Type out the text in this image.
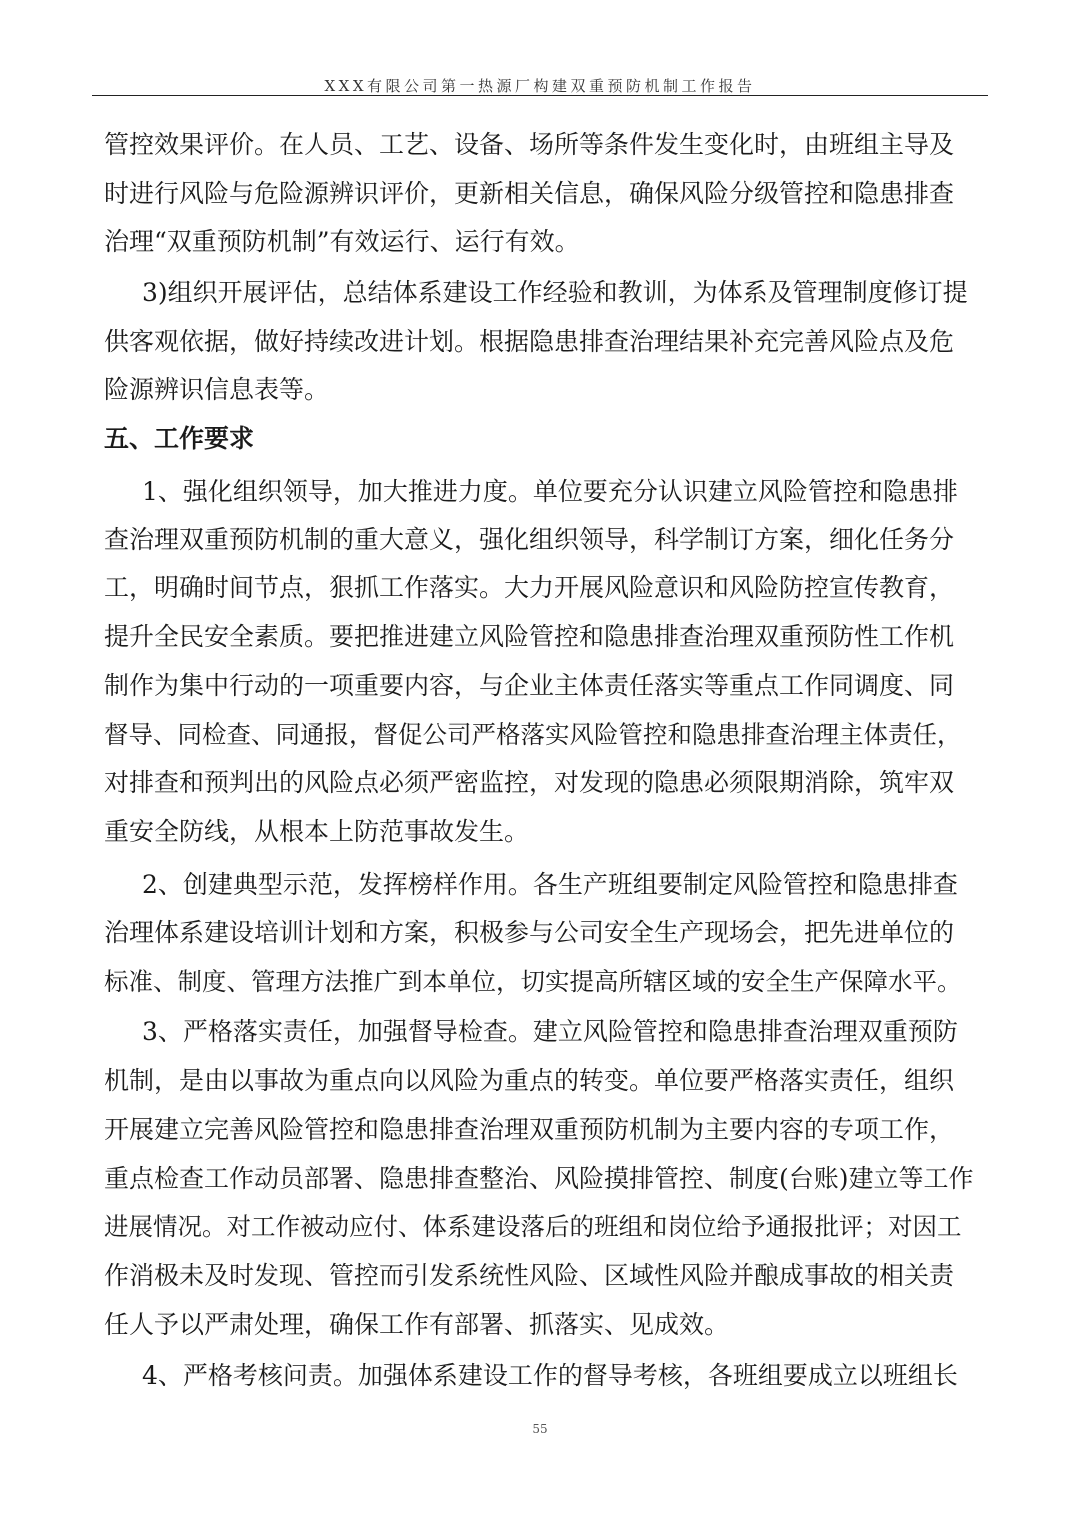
XXX有限公司第一热源厂构建双重预防机制工作报告
管控效果评价。在人员、工艺、设备、场所等条件发生变化时，由班组主导及
时进行风险与危险源辨识评价，更新相关信息，确保风险分级管控和隐患排查
治理“双重预防机制”有效运行、运行有效。
3)组织开展评估，总结体系建设工作经验和教训，为体系及管理制度修订提
供客观依据，做好持续改进计划。根据隐患排查治理结果补充完善风险点及危
险源辨识信息表等。
五、工作要求
1、强化组织领导，加大推进力度。单位要充分认识建立风险管控和隐患排
查治理双重预防机制的重大意义，强化组织领导，科学制订方案，细化任务分
工，明确时间节点，狠抓工作落实。大力开展风险意识和风险防控宣传教育，
提升全民安全素质。要把推进建立风险管控和隐患排查治理双重预防性工作机
制作为集中行动的一项重要内容，与企业主体责任落实等重点工作同调度、同
督导、同检查、同通报，督促公司严格落实风险管控和隐患排查治理主体责任，
对排查和预判出的风险点必须严密监控，对发现的隐患必须限期消除，筑牢双
重安全防线，从根本上防范事故发生。
2、创建典型示范，发挥榜样作用。各生产班组要制定风险管控和隐患排查
治理体系建设培训计划和方案，积极参与公司安全生产现场会，把先进单位的
标准、制度、管理方法推广到本单位，切实提高所辖区域的安全生产保障水平。
3、严格落实责任，加强督导检查。建立风险管控和隐患排查治理双重预防
机制，是由以事故为重点向以风险为重点的转变。单位要严格落实责任，组织
开展建立完善风险管控和隐患排查治理双重预防机制为主要内容的专项工作，
重点检查工作动员部署、隐患排查整治、风险摸排管控、制度(台账)建立等工作
进展情况。对工作被动应付、体系建设落后的班组和岗位给予通报批评；对因工
作消极未及时发现、管控而引发系统性风险、区域性风险并酿成事故的相关责
任人予以严肃处理，确保工作有部署、抓落实、见成效。
4、严格考核问责。加强体系建设工作的督导考核，各班组要成立以班组长
55
